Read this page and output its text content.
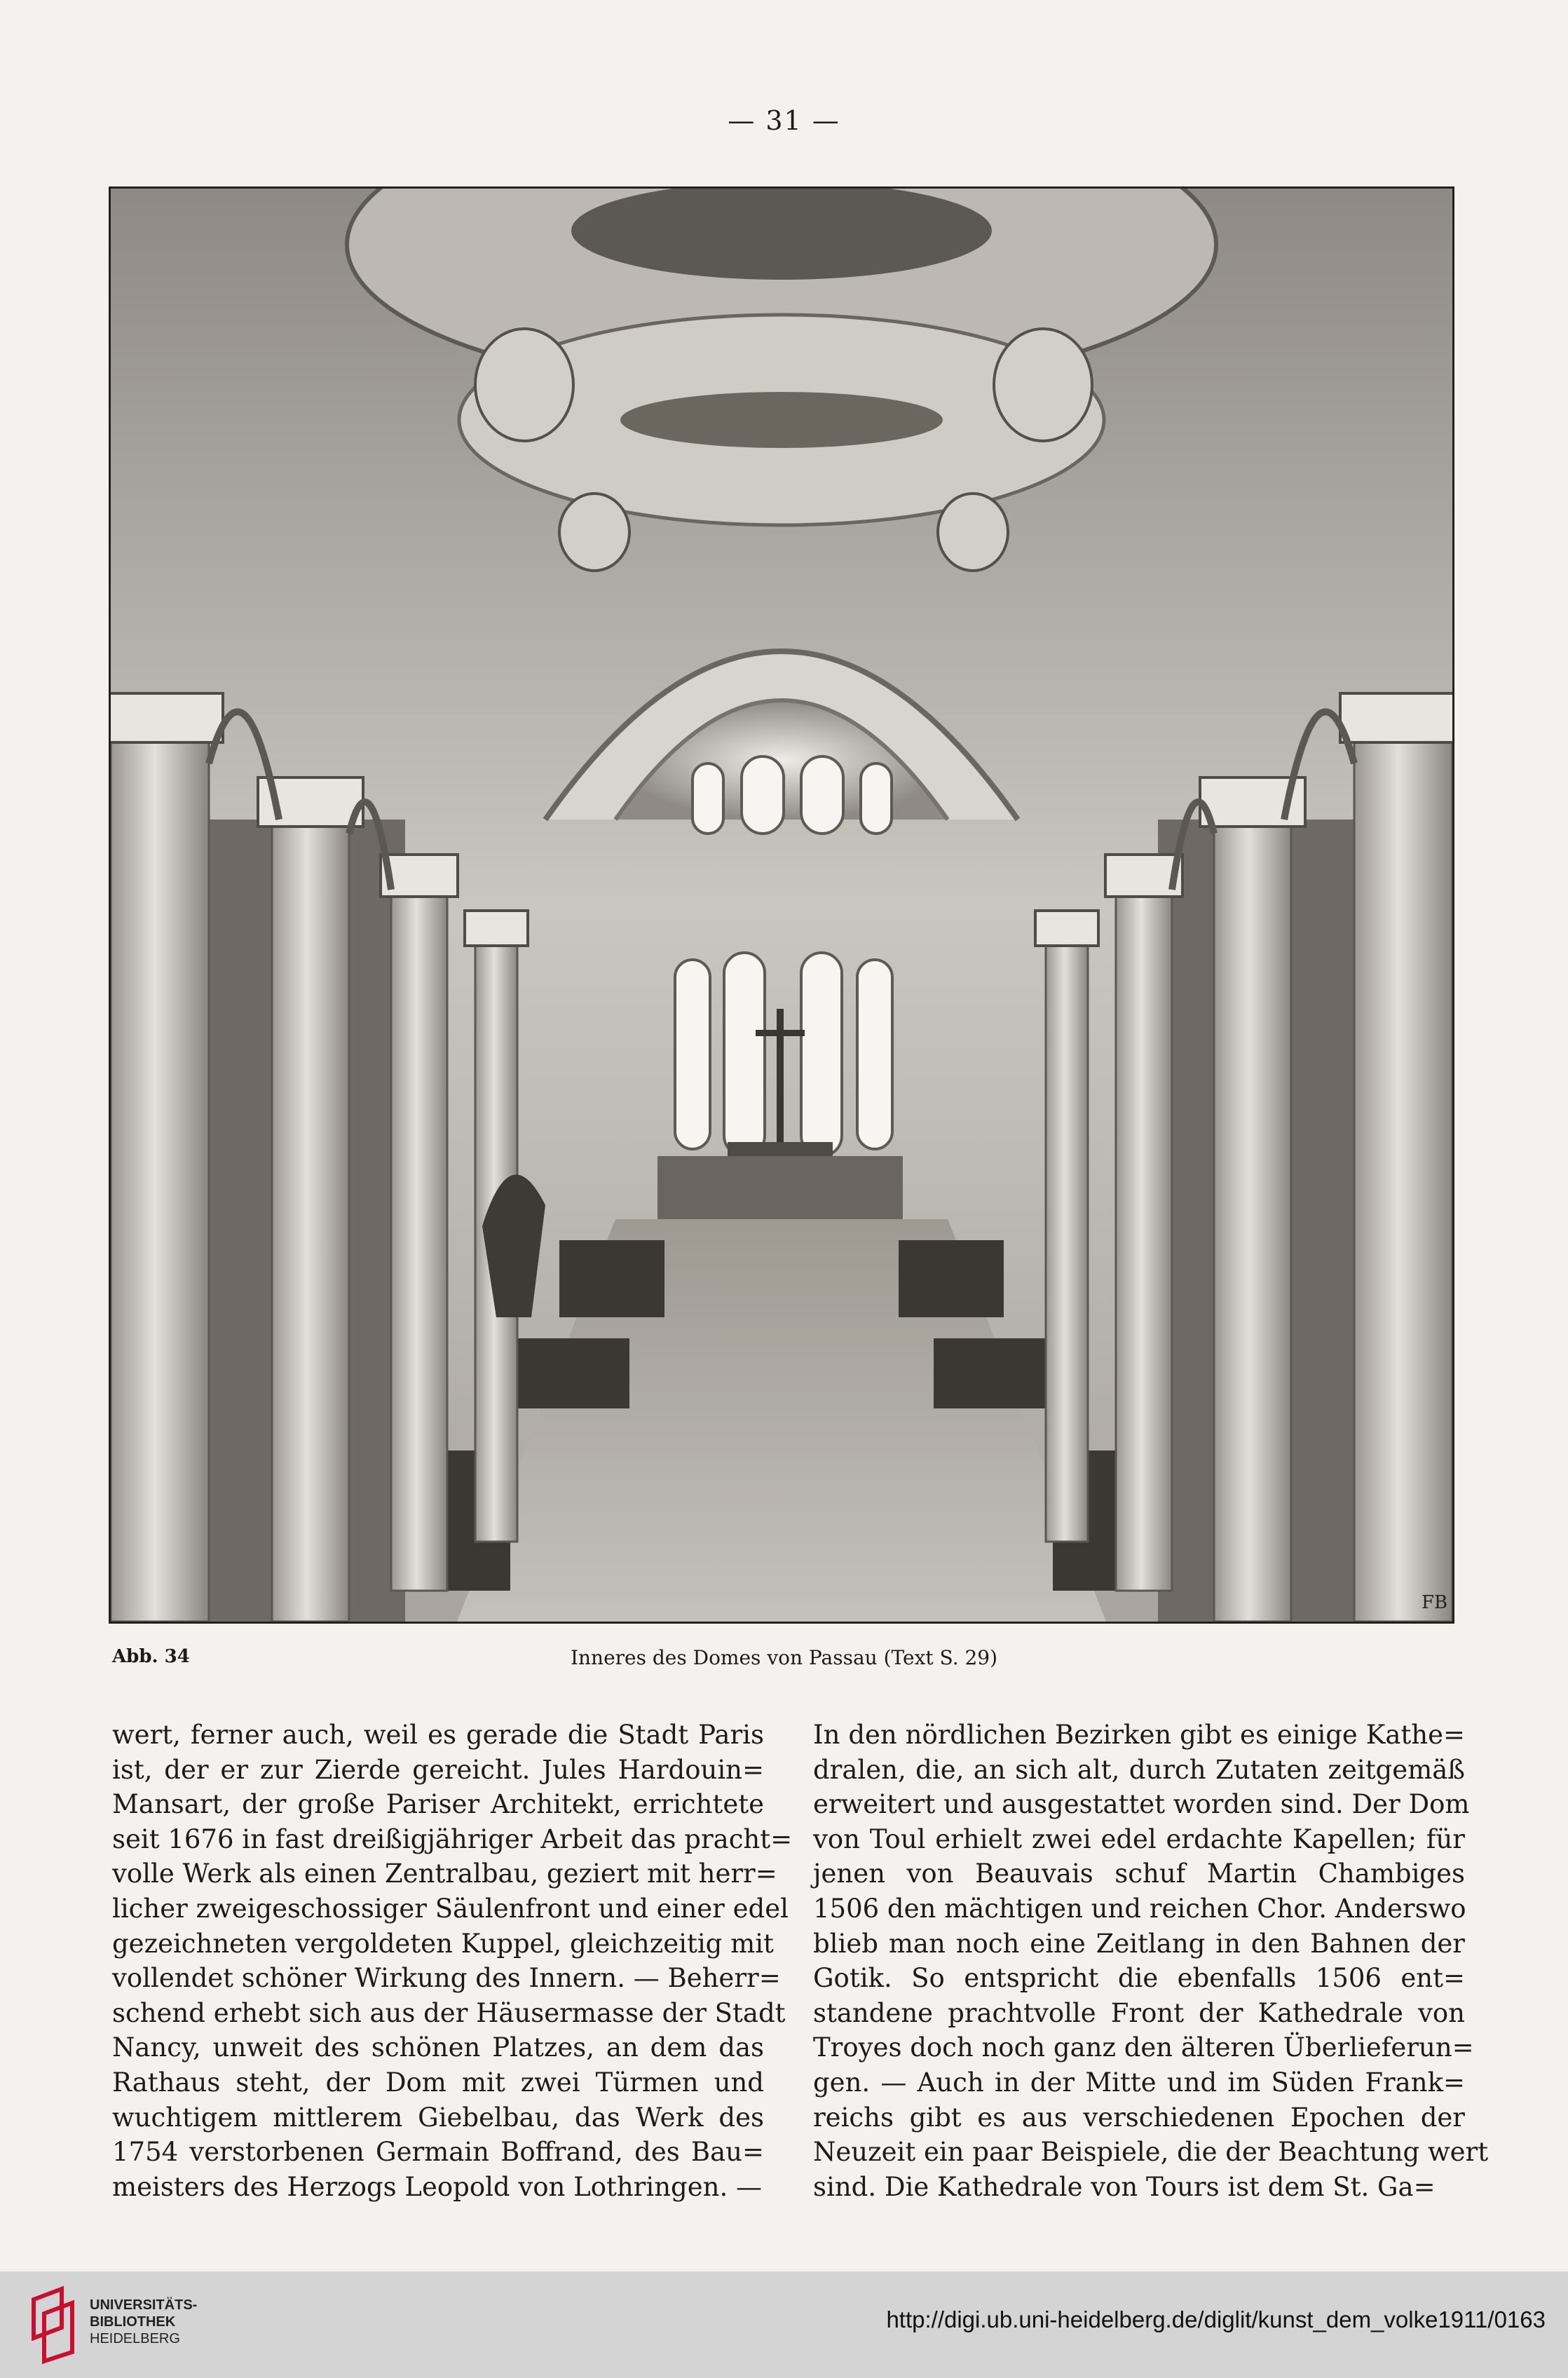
— 31 —
FB
Abb. 34	Inneres des Domes von Passau (Text S. 29)
wert, ferner auch, weil es gerade die Stadt Paris
ist, der er zur Zierde gereicht. Jules Hardouin=
Mansart, der große Pariser Architekt, errichtete
seit 1676 in fast dreißigjähriger Arbeit das pracht=
volle Werk als einen Zentralbau, geziert mit herr=
licher zweigeschossiger Säulenfront und einer edel
gezeichneten vergoldeten Kuppel, gleichzeitig mit
vollendet schöner Wirkung des Innern. — Beherr=
schend erhebt sich aus der Häusermasse der Stadt
Nancy, unweit des schönen Platzes, an dem das
Rathaus steht, der Dom mit zwei Türmen und
wuchtigem mittlerem Giebelbau, das Werk des
1754 verstorbenen Germain Boffrand, des Bau=
meisters des Herzogs Leopold von Lothringen. —
In den nördlichen Bezirken gibt es einige Kathe=
dralen, die, an sich alt, durch Zutaten zeitgemäß
erweitert und ausgestattet worden sind. Der Dom
von Toul erhielt zwei edel erdachte Kapellen; für
jenen von Beauvais schuf Martin Chambiges
1506 den mächtigen und reichen Chor. Anderswo
blieb man noch eine Zeitlang in den Bahnen der
Gotik. So entspricht die ebenfalls 1506 ent=
standene prachtvolle Front der Kathedrale von
Troyes doch noch ganz den älteren Überlieferun=
gen. — Auch in der Mitte und im Süden Frank=
reichs gibt es aus verschiedenen Epochen der
Neuzeit ein paar Beispiele, die der Beachtung wert
sind. Die Kathedrale von Tours ist dem St. Ga=
UNIVERSITÄTS-
BIBLIOTHEK
HEIDELBERG
http://digi.ub.uni-heidelberg.de/diglit/kunst_dem_volke1911/0163
